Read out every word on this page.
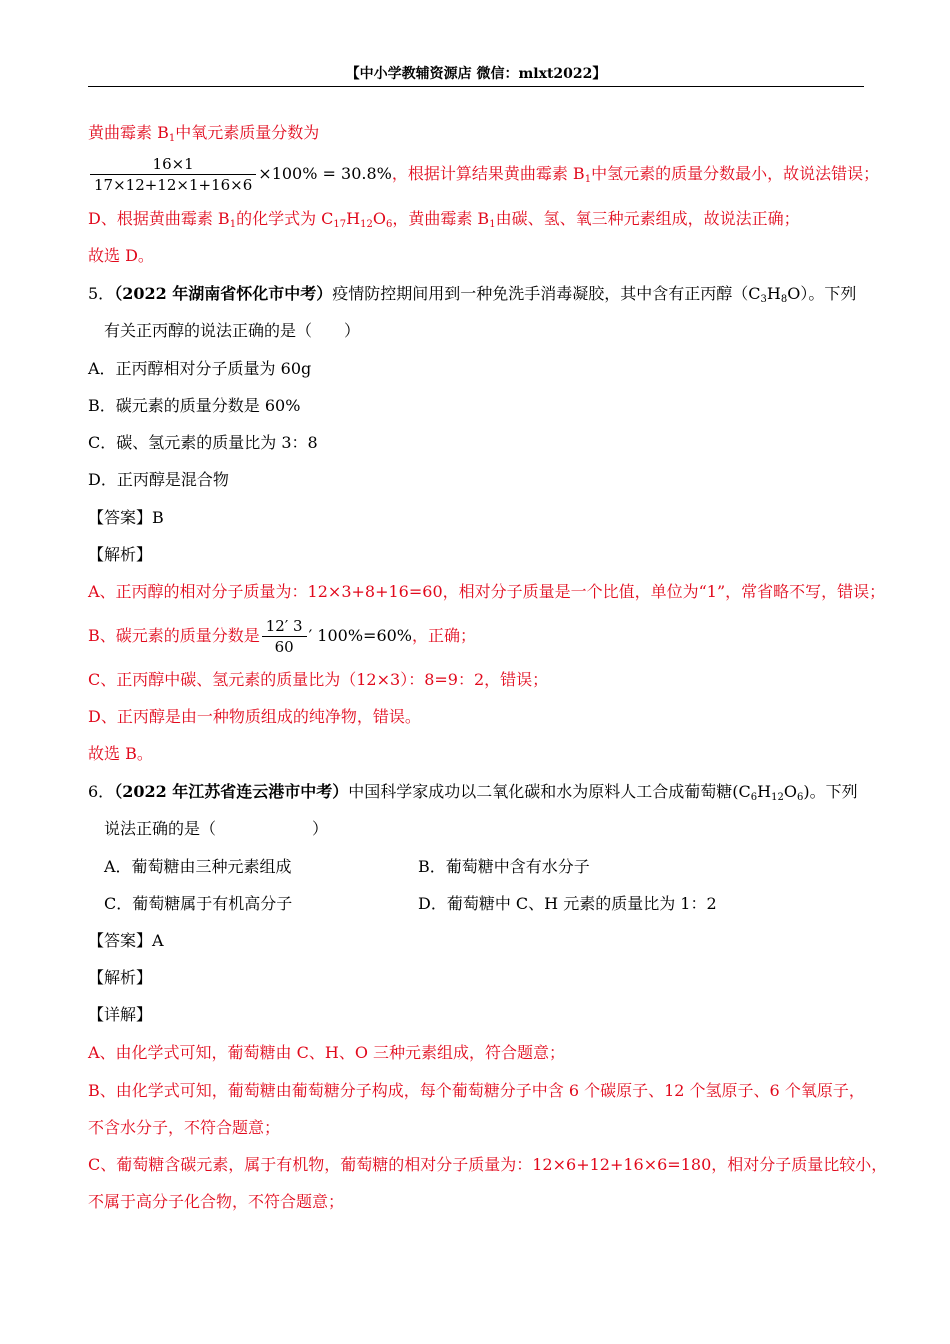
【中小学教辅资源店 微信：mlxt2022】
黄曲霉素 $B_1$中氧元素质量分数为
$\frac{16\times 1}{17\times 12+12\times 1+16\times 6} \times 100\% = 30.8\%$，根据计算结果黄曲霉素 $B_1$中氢元素的质量分数最小，故说法错误；
D、根据黄曲霉素 $B_1$的化学式为 $C_{17}H_{12}O_6$，黄曲霉素 $B_1$由碳、氢、氧三种元素组成，故说法正确；
故选 D。
5．（2022 年湖南省怀化市中考）疫情防控期间用到一种免洗手消毒凝胶，其中含有正丙醇$(C_3H_8O)$。下列
有关正丙醇的说法正确的是（　　）
A．正丙醇相对分子质量为 60g
B．碳元素的质量分数是 60%
C．碳、氢元素的质量比为 3：8
D．正丙醇是混合物
【答案】B
【解析】
A、正丙醇的相对分子质量为：12×3+8+16=60，相对分子质量是一个比值，单位为“1”，常省略不写，错误；
B、碳元素的质量分数是 $\frac{12' 3}{60}$ ′ 100%=60%，正确；
C、正丙醇中碳、氢元素的质量比为（12×3）：8=9：2，错误；
D、正丙醇是由一种物质组成的纯净物，错误。
故选 B。
6．（2022 年江苏省连云港市中考）中国科学家成功以二氧化碳和水为原料人工合成葡萄糖$(C_6H_{12}O_6)$。下列
说法正确的是（　　　　　　）
A．葡萄糖由三种元素组成	B．葡萄糖中含有水分子
C．葡萄糖属于有机高分子	D．葡萄糖中 C、H 元素的质量比为 1：2
【答案】A
【解析】
【详解】
A、由化学式可知，葡萄糖由 C、H、O 三种元素组成，符合题意；
B、由化学式可知，葡萄糖由葡萄糖分子构成，每个葡萄糖分子中含 6 个碳原子、12 个氢原子、6 个氧原子，
不含水分子，不符合题意；
C、葡萄糖含碳元素，属于有机物，葡萄糖的相对分子质量为：12×6+12+16×6=180，相对分子质量比较小，
不属于高分子化合物，不符合题意；
